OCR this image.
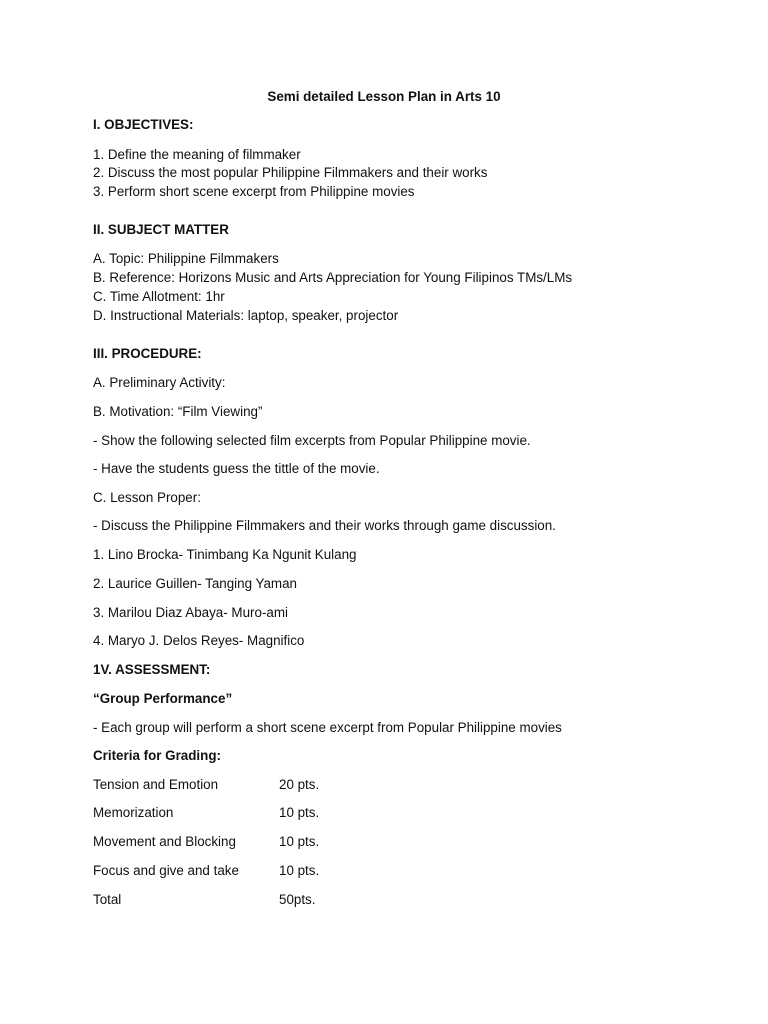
Semi detailed Lesson Plan in Arts 10
I. OBJECTIVES:
1. Define the meaning of filmmaker
2. Discuss the most popular Philippine Filmmakers and their works
3. Perform short scene excerpt from Philippine movies
II. SUBJECT MATTER
A. Topic: Philippine Filmmakers
B. Reference: Horizons Music and Arts Appreciation for Young Filipinos TMs/LMs
C. Time Allotment: 1hr
D. Instructional Materials: laptop, speaker, projector
III. PROCEDURE:
A. Preliminary Activity:
B. Motivation: “Film Viewing”
- Show the following selected film excerpts from Popular Philippine movie.
- Have the students guess the tittle of the movie.
C. Lesson Proper:
- Discuss the Philippine Filmmakers and their works through game discussion.
1. Lino Brocka- Tinimbang Ka Ngunit Kulang
2. Laurice Guillen- Tanging Yaman
3. Marilou Diaz Abaya- Muro-ami
4. Maryo J. Delos Reyes- Magnifico
1V. ASSESSMENT:
“Group Performance”
- Each group will perform a short scene excerpt from Popular Philippine movies
Criteria for Grading:
Tension and Emotion	20 pts.
Memorization	10 pts.
Movement and Blocking	10 pts.
Focus and give and take	10 pts.
Total	50pts.
